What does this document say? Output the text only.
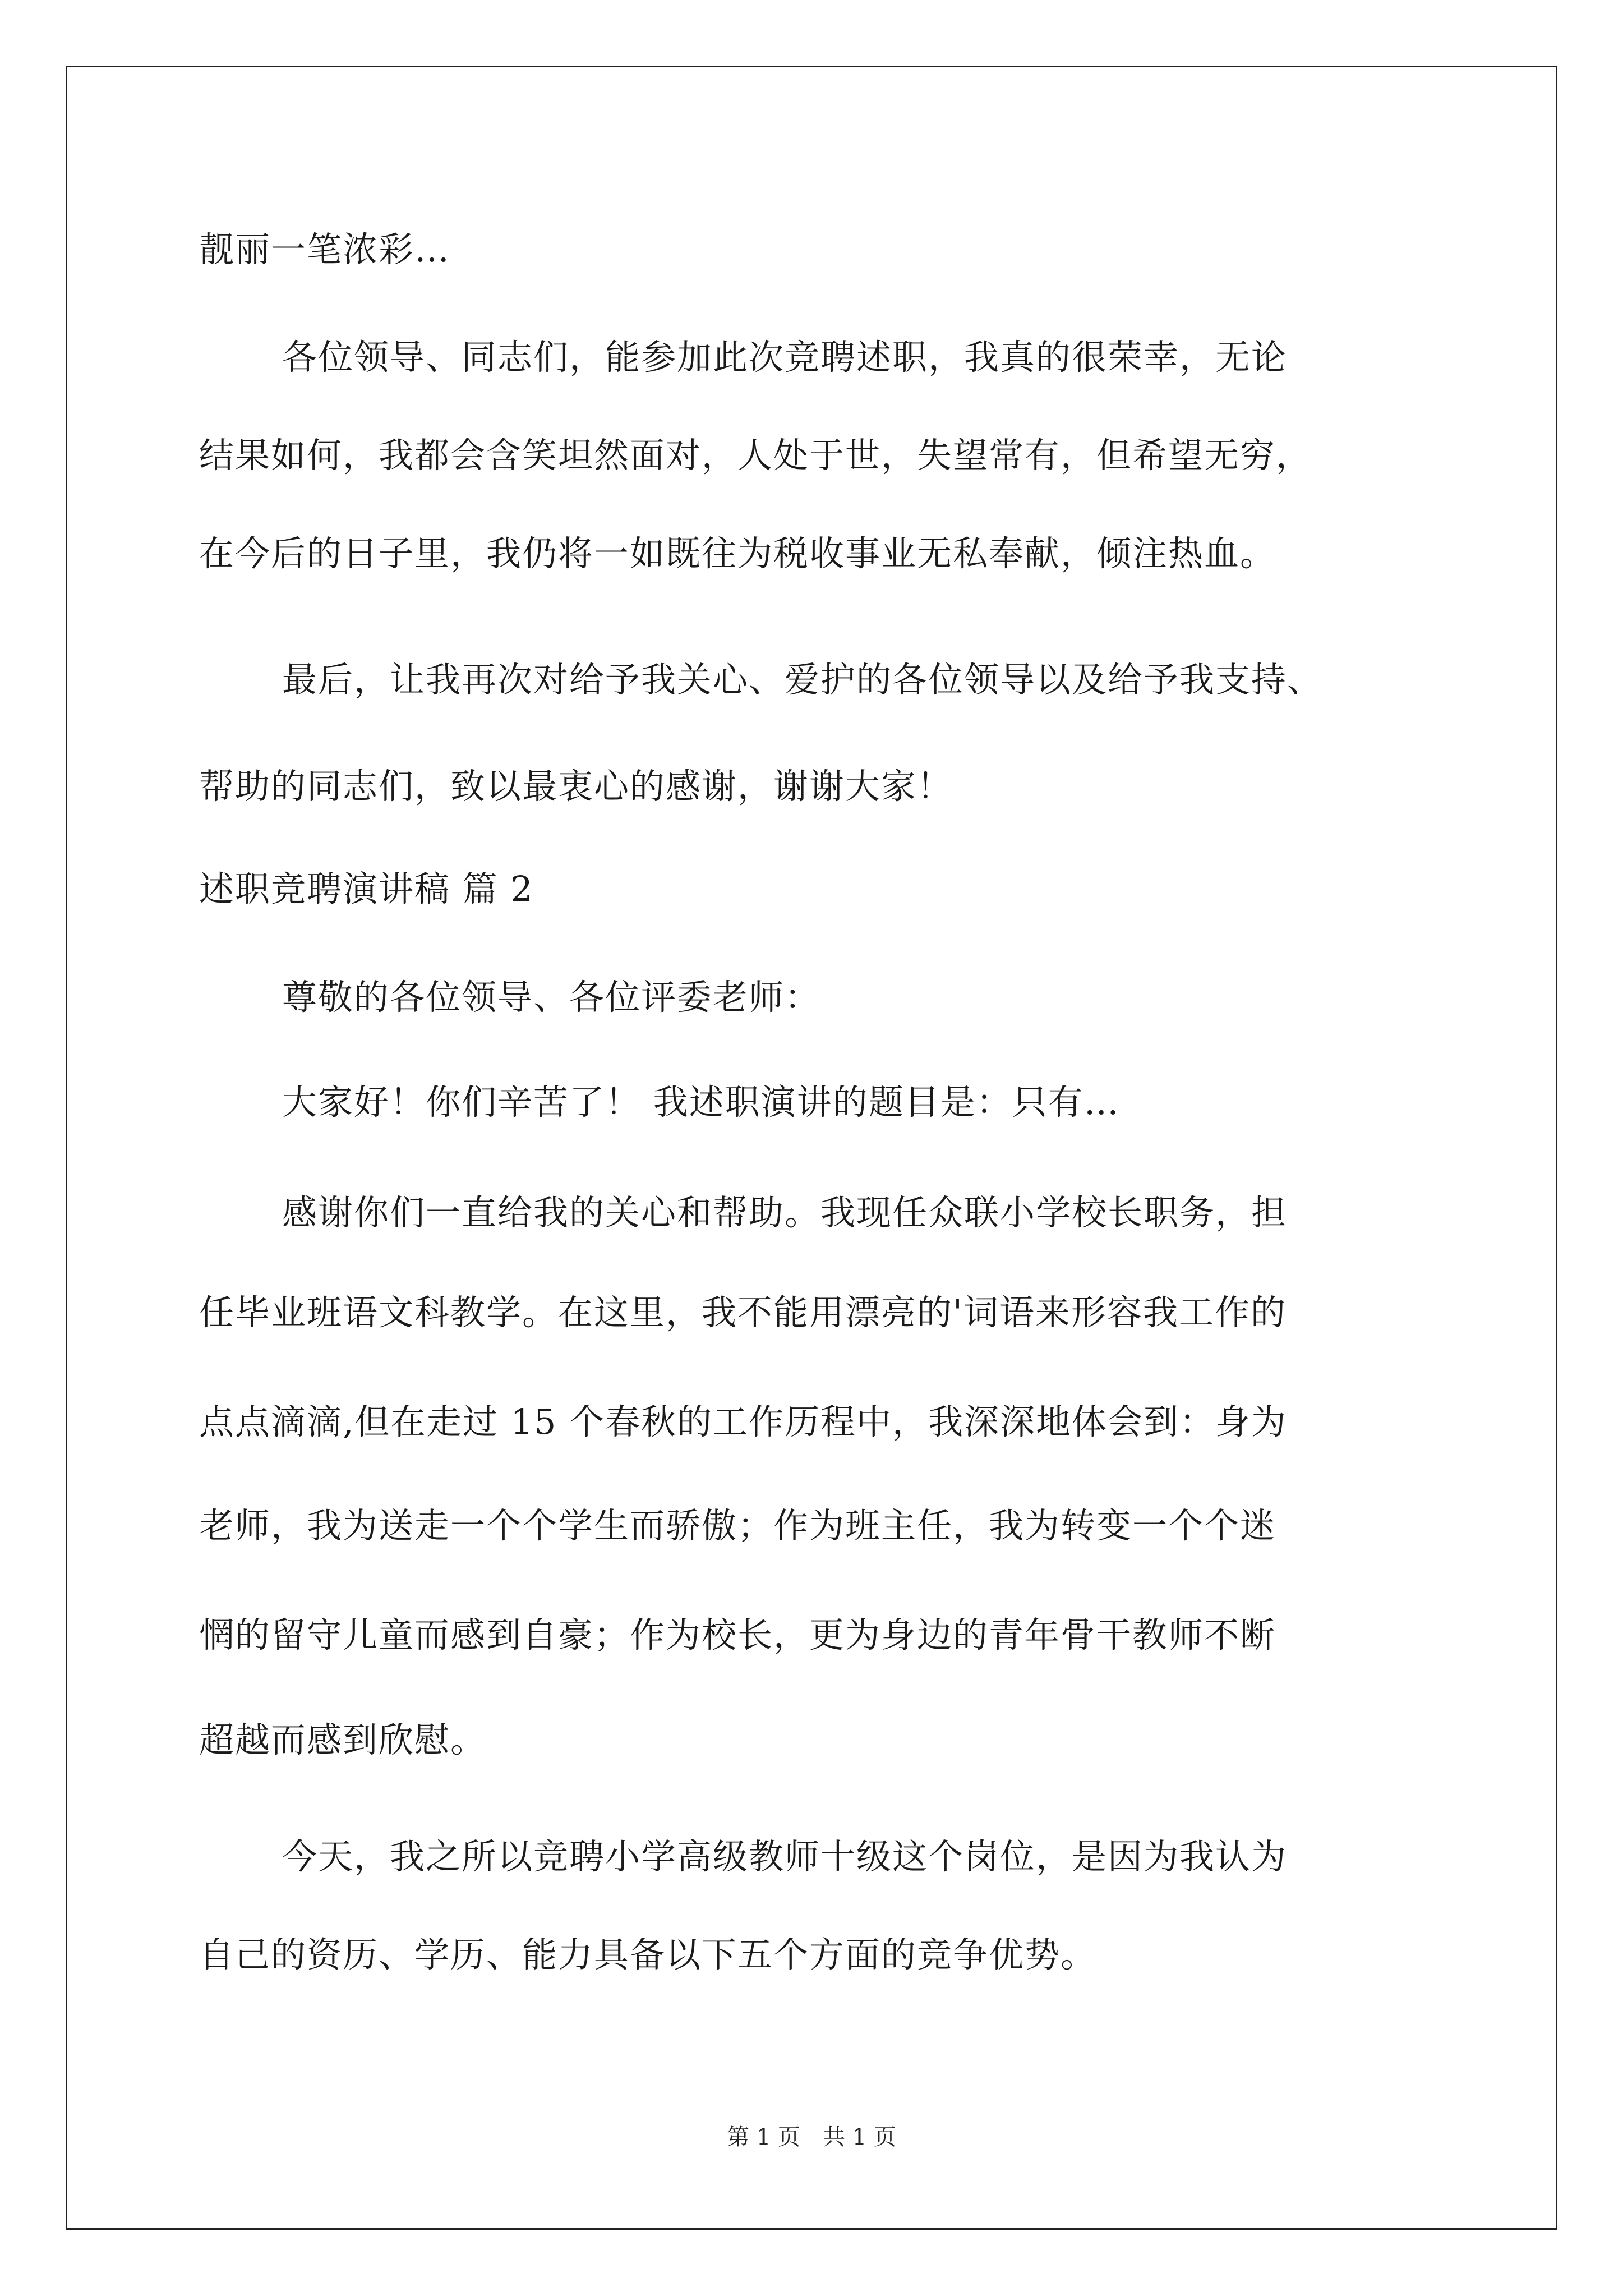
靓丽一笔浓彩…
各位领导、同志们，能参加此次竞聘述职，我真的很荣幸，无论
结果如何，我都会含笑坦然面对，人处于世，失望常有，但希望无穷，
在今后的日子里，我仍将一如既往为税收事业无私奉献，倾注热血。
最后，让我再次对给予我关心、爱护的各位领导以及给予我支持、
帮助的同志们，致以最衷心的感谢，谢谢大家！
述职竞聘演讲稿 篇 2
尊敬的各位领导、各位评委老师：
大家好！你们辛苦了！ 我述职演讲的题目是：只有…
感谢你们一直给我的关心和帮助。我现任众联小学校长职务，担
任毕业班语文科教学。在这里，我不能用漂亮的'词语来形容我工作的
点点滴滴,但在走过 15 个春秋的工作历程中，我深深地体会到：身为
老师，我为送走一个个学生而骄傲；作为班主任，我为转变一个个迷
惘的留守儿童而感到自豪；作为校长，更为身边的青年骨干教师不断
超越而感到欣慰。
今天，我之所以竞聘小学高级教师十级这个岗位，是因为我认为
自己的资历、学历、能力具备以下五个方面的竞争优势。
第 1 页　共 1 页
